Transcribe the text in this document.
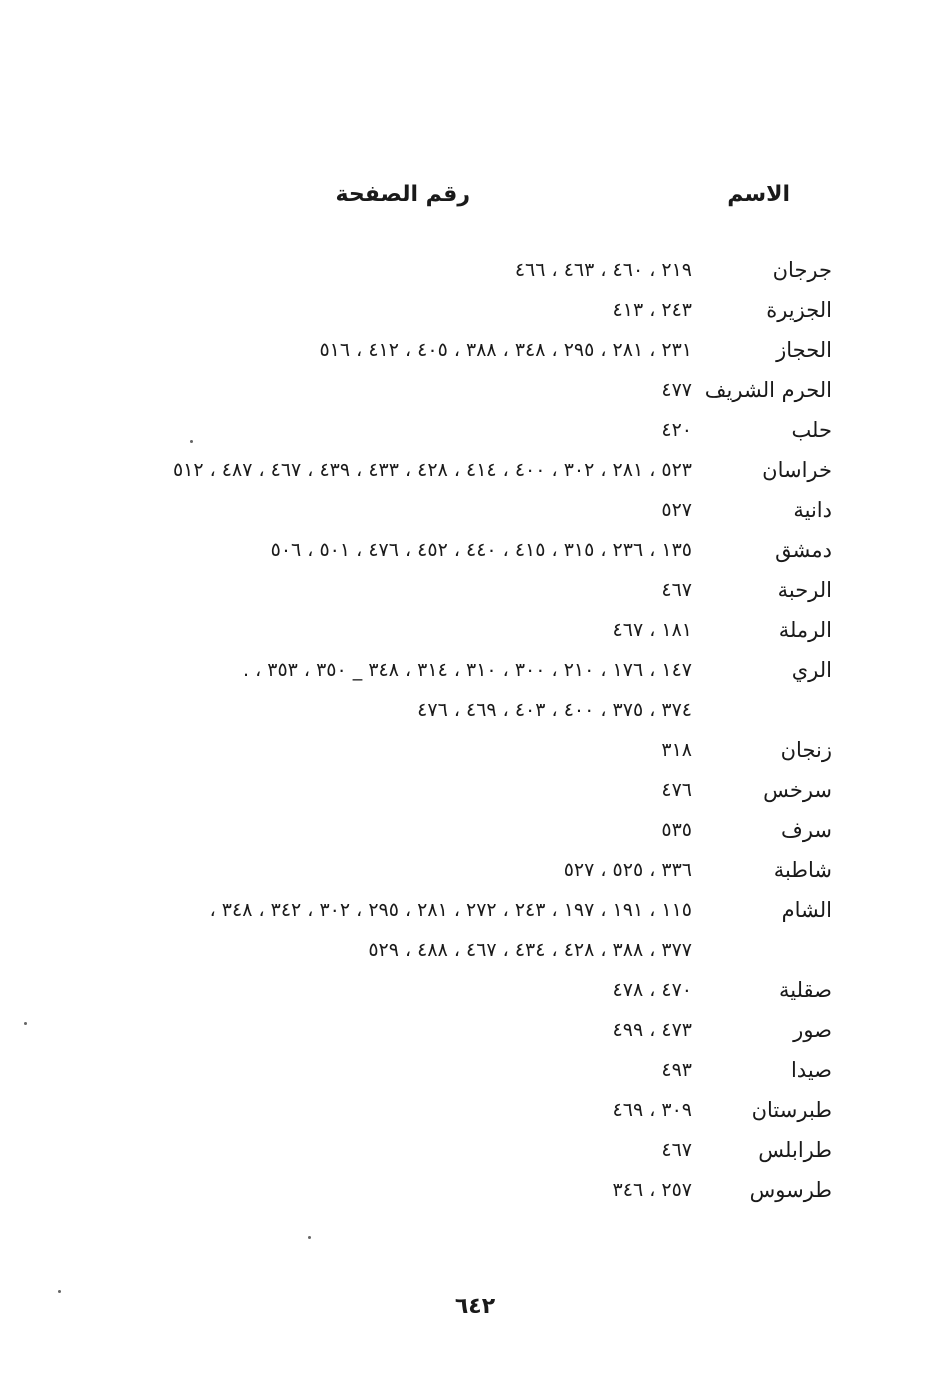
الاسم
رقم الصفحة
جرجان
٢١٩ ، ٤٦٠ ، ٤٦٣ ، ٤٦٦
الجزيرة
٢٤٣ ، ٤١٣
الحجاز
٢٣١ ، ٢٨١ ، ٢٩٥ ، ٣٤٨ ، ٣٨٨ ، ٤٠٥ ، ٤١٢ ، ٥١٦
الحرم الشريف
٤٧٧
حلب
٤٢٠
خراسان
٥٢٣ ، ٢٨١ ، ٣٠٢ ، ٤٠٠ ، ٤١٤ ، ٤٢٨ ، ٤٣٣ ، ٤٣٩ ، ٤٦٧ ، ٤٨٧ ، ٥١٢
دانية
٥٢٧
دمشق
١٣٥ ، ٢٣٦ ، ٣١٥ ، ٤١٥ ، ٤٤٠ ، ٤٥٢ ، ٤٧٦ ، ٥٠١ ، ٥٠٦
الرحبة
٤٦٧
الرملة
١٨١ ، ٤٦٧
الري
١٤٧ ، ١٧٦ ، ٢١٠ ، ٣٠٠ ، ٣١٠ ، ٣١٤ ، ٣٤٨ _ ٣٥٠ ، ٣٥٣ ، .
٣٧٤ ، ٣٧٥ ، ٤٠٠ ، ٤٠٣ ، ٤٦٩ ، ٤٧٦
زنجان
٣١٨
سرخس
٤٧٦
سرف
٥٣٥
شاطبة
٣٣٦ ، ٥٢٥ ، ٥٢٧
الشام
١١٥ ، ١٩١ ، ١٩٧ ، ٢٤٣ ، ٢٧٢ ، ٢٨١ ، ٢٩٥ ، ٣٠٢ ، ٣٤٢ ، ٣٤٨ ،
٣٧٧ ، ٣٨٨ ، ٤٢٨ ، ٤٣٤ ، ٤٦٧ ، ٤٨٨ ، ٥٢٩
صقلية
٤٧٠ ، ٤٧٨
صور
٤٧٣ ، ٤٩٩
صيدا
٤٩٣
طبرستان
٣٠٩ ، ٤٦٩
طرابلس
٤٦٧
طرسوس
٢٥٧ ، ٣٤٦
٦٤٢
